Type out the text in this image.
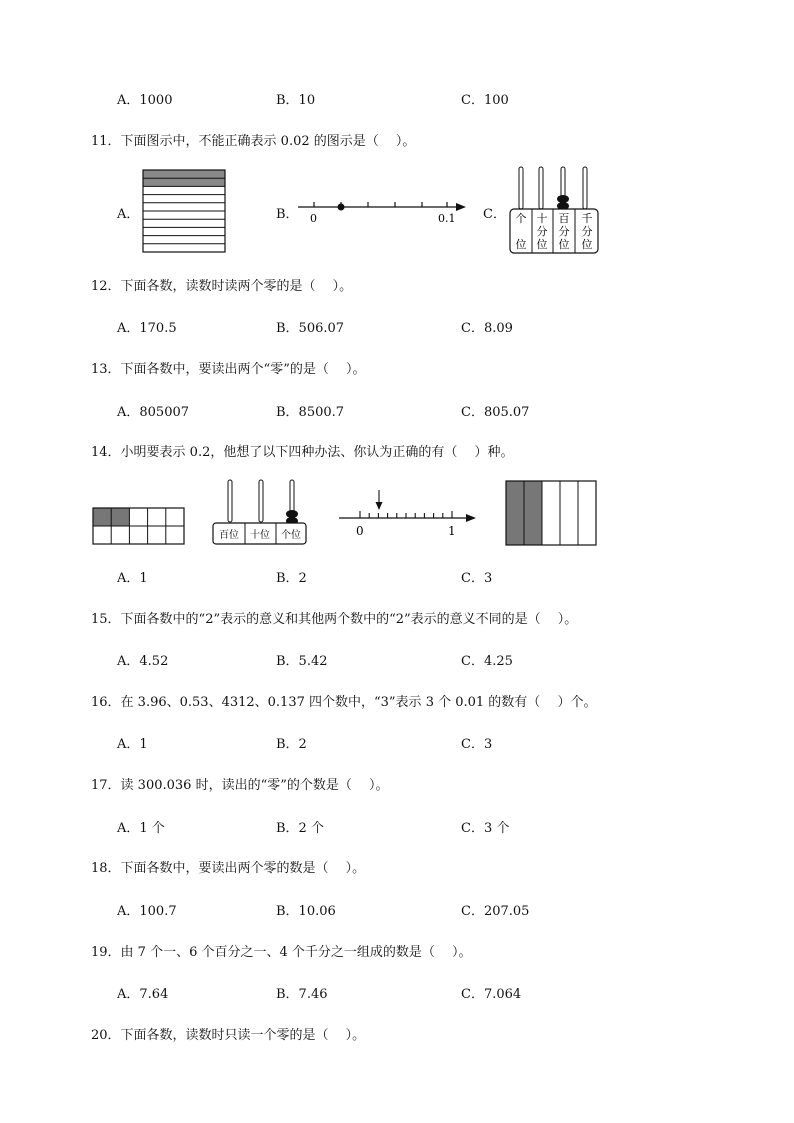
A．1000	B．10	C．100
11．下面图示中，不能正确表示 0.02 的图示是（　 ）。
A．	B．	C．
0	0.1	个
位
十
分
位
百
分
位
千
分
位
12．下面各数，读数时读两个零的是（　 ）。
A．170.5	B．506.07	C．8.09
13．下面各数中，要读出两个“零”的是（　 ）。
A．805007	B．8500.7	C．805.07
14．小明要表示 0.2，他想了以下四种办法、你认为正确的有（　 ）种。
百位 十位 个位	0	1
A．1	B．2	C．3
15．下面各数中的“2”表示的意义和其他两个数中的“2”表示的意义不同的是（　 ）。
A．4.52	B．5.42	C．4.25
16．在 3.96、0.53、4312、0.137 四个数中，“3”表示 3 个 0.01 的数有（　 ）个。
A．1	B．2	C．3
17．读 300.036 时，读出的“零”的个数是（　 ）。
A．1 个	B．2 个	C．3 个
18．下面各数中，要读出两个零的数是（　 ）。
A．100.7	B．10.06	C．207.05
19．由 7 个一、6 个百分之一、4 个千分之一组成的数是（　 ）。
A．7.64	B．7.46	C．7.064
20．下面各数，读数时只读一个零的是（　 ）。
